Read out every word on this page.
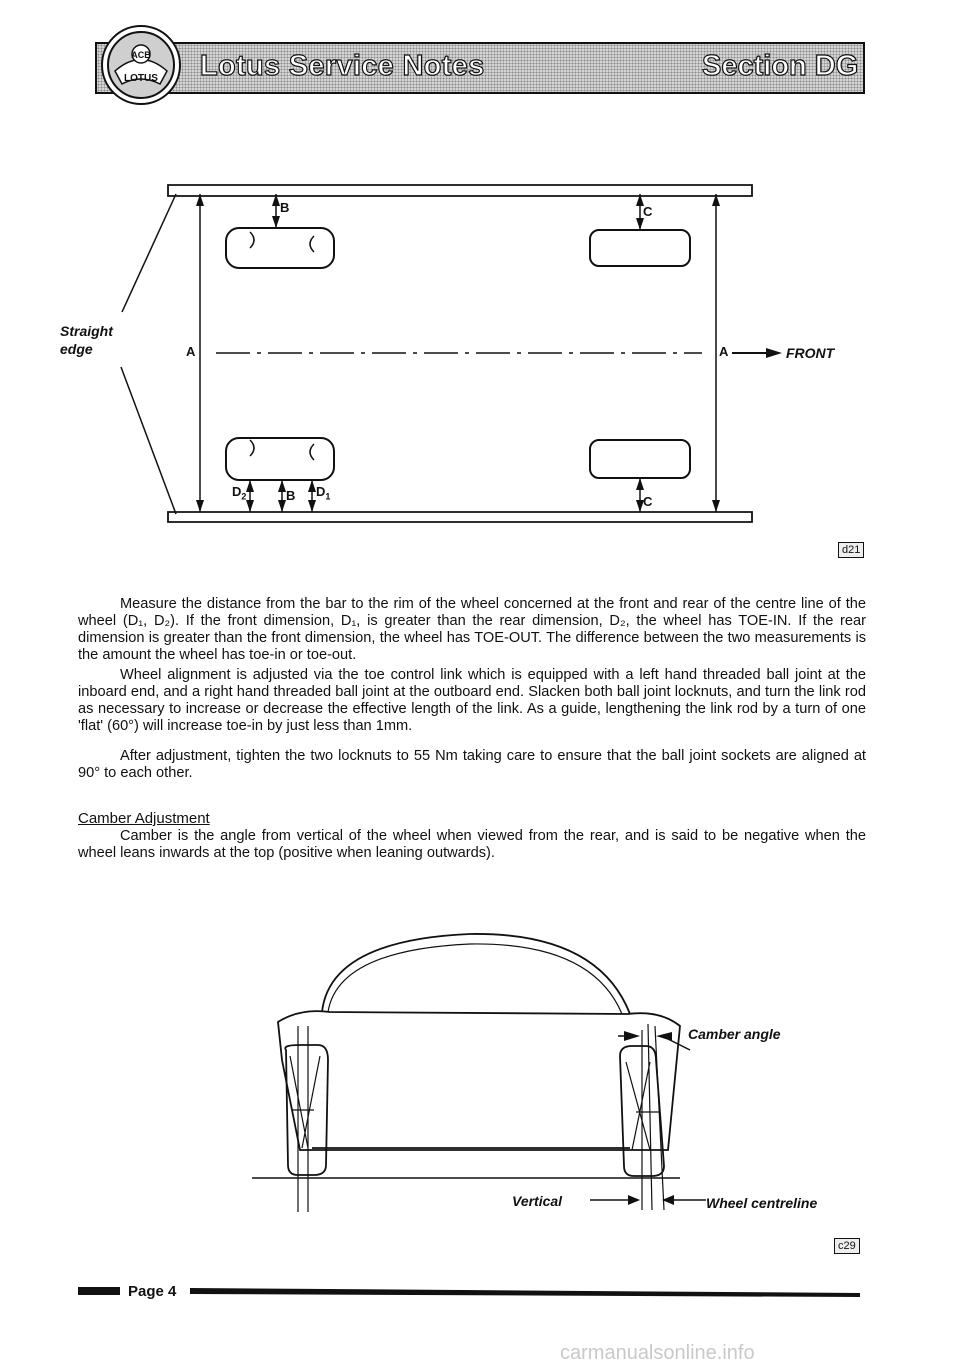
ACB
LOTUS Lotus Service Notes	Section DG
Straight
edge	A	A	FRONT
B	C
B	C
$D_2$	$D_1$
d21

Measure the distance from the bar to the rim of the wheel concerned at the front and rear of the centre line of the wheel (D₁, D₂). If the front dimension, D₁, is greater than the rear dimension, D₂, the wheel has TOE-IN. If the rear dimension is greater than the front dimension, the wheel has TOE-OUT. The difference between the two measurements is the amount the wheel has toe-in or toe-out.

Wheel alignment is adjusted via the toe control link which is equipped with a left hand threaded ball joint at the inboard end, and a right hand threaded ball joint at the outboard end. Slacken both ball joint locknuts, and turn the link rod as necessary to increase or decrease the effective length of the link. As a guide, lengthening the link rod by a turn of one 'flat' (60°) will increase toe-in by just less than 1mm.

After adjustment, tighten the two locknuts to 55 Nm taking care to ensure that the ball joint sockets are aligned at 90° to each other.

Camber Adjustment

Camber is the angle from vertical of the wheel when viewed from the rear, and is said to be negative when the wheel leans inwards at the top (positive when leaning outwards).

Camber angle
Vertical	Wheel centreline
c29
Page 4
carmanualsonline.info
